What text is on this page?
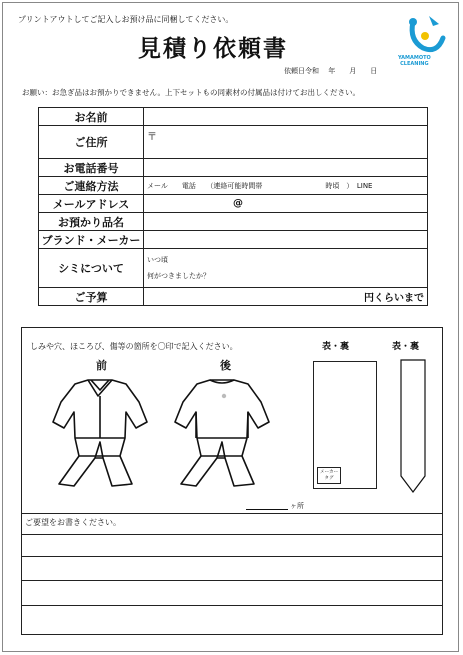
プリントアウトしてご記入しお預け品に同梱してください。
見積り依頼書
依頼日令和　 年　　月　　日
YAMAMOTO
CLEANING
お願い：お急ぎ品はお預かりできません。上下セットもの同素材の付属品は付けてお出しください。
お名前	
ご住所	〒
お電話番号	
ご連絡方法	メール　　電話　　（連絡可能時間帯　　　　　　　　　時頃　）　LINE
メールアドレス	@
お預かり品名	
ブランド・メーカー	
シミについて	いつ頃
何がつきましたか？

ご予算	円くらいまで
しみや穴、ほころび、傷等の箇所を〇印で記入ください。
前	後
表・裏	表・裏
メーカー
タグ
ヶ所
ご要望をお書きください。
